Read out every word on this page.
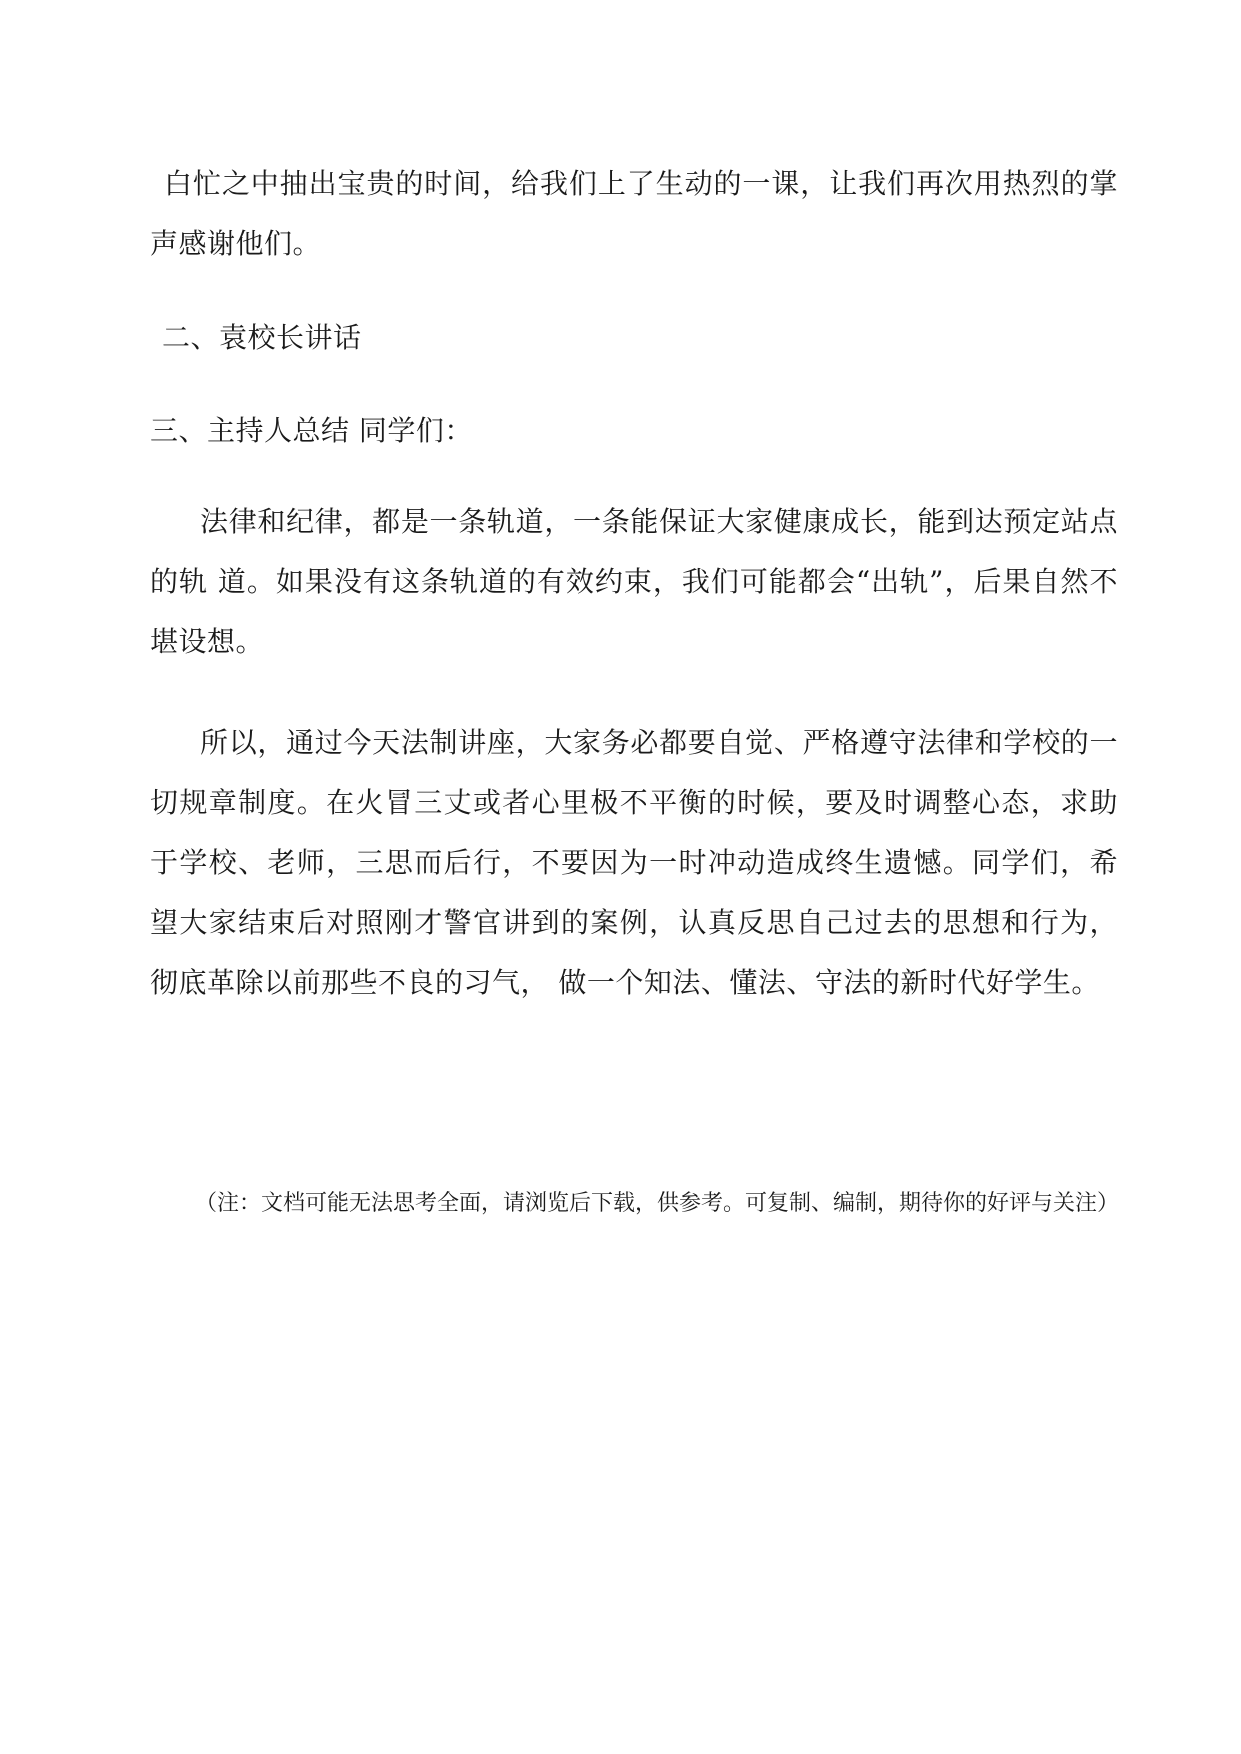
白忙之中抽出宝贵的时间，给我们上了生动的一课，让我们再次用热烈的掌声感谢他们。

二、袁校长讲话

三、主持人总结 同学们：

法律和纪律，都是一条轨道，一条能保证大家健康成长，能到达预定站点的轨 道。如果没有这条轨道的有效约束，我们可能都会“出轨”，后果自然不堪设想。

所以，通过今天法制讲座，大家务必都要自觉、严格遵守法律和学校的一切规章制度。在火冒三丈或者心里极不平衡的时候，要及时调整心态，求助于学校、老师，三思而后行，不要因为一时冲动造成终生遗憾。同学们，希望大家结束后对照刚才警官讲到的案例，认真反思自己过去的思想和行为，彻底革除以前那些不良的习气， 做一个知法、懂法、守法的新时代好学生。

（注：文档可能无法思考全面，请浏览后下载，供参考。可复制、编制，期待你的好评与关注）
